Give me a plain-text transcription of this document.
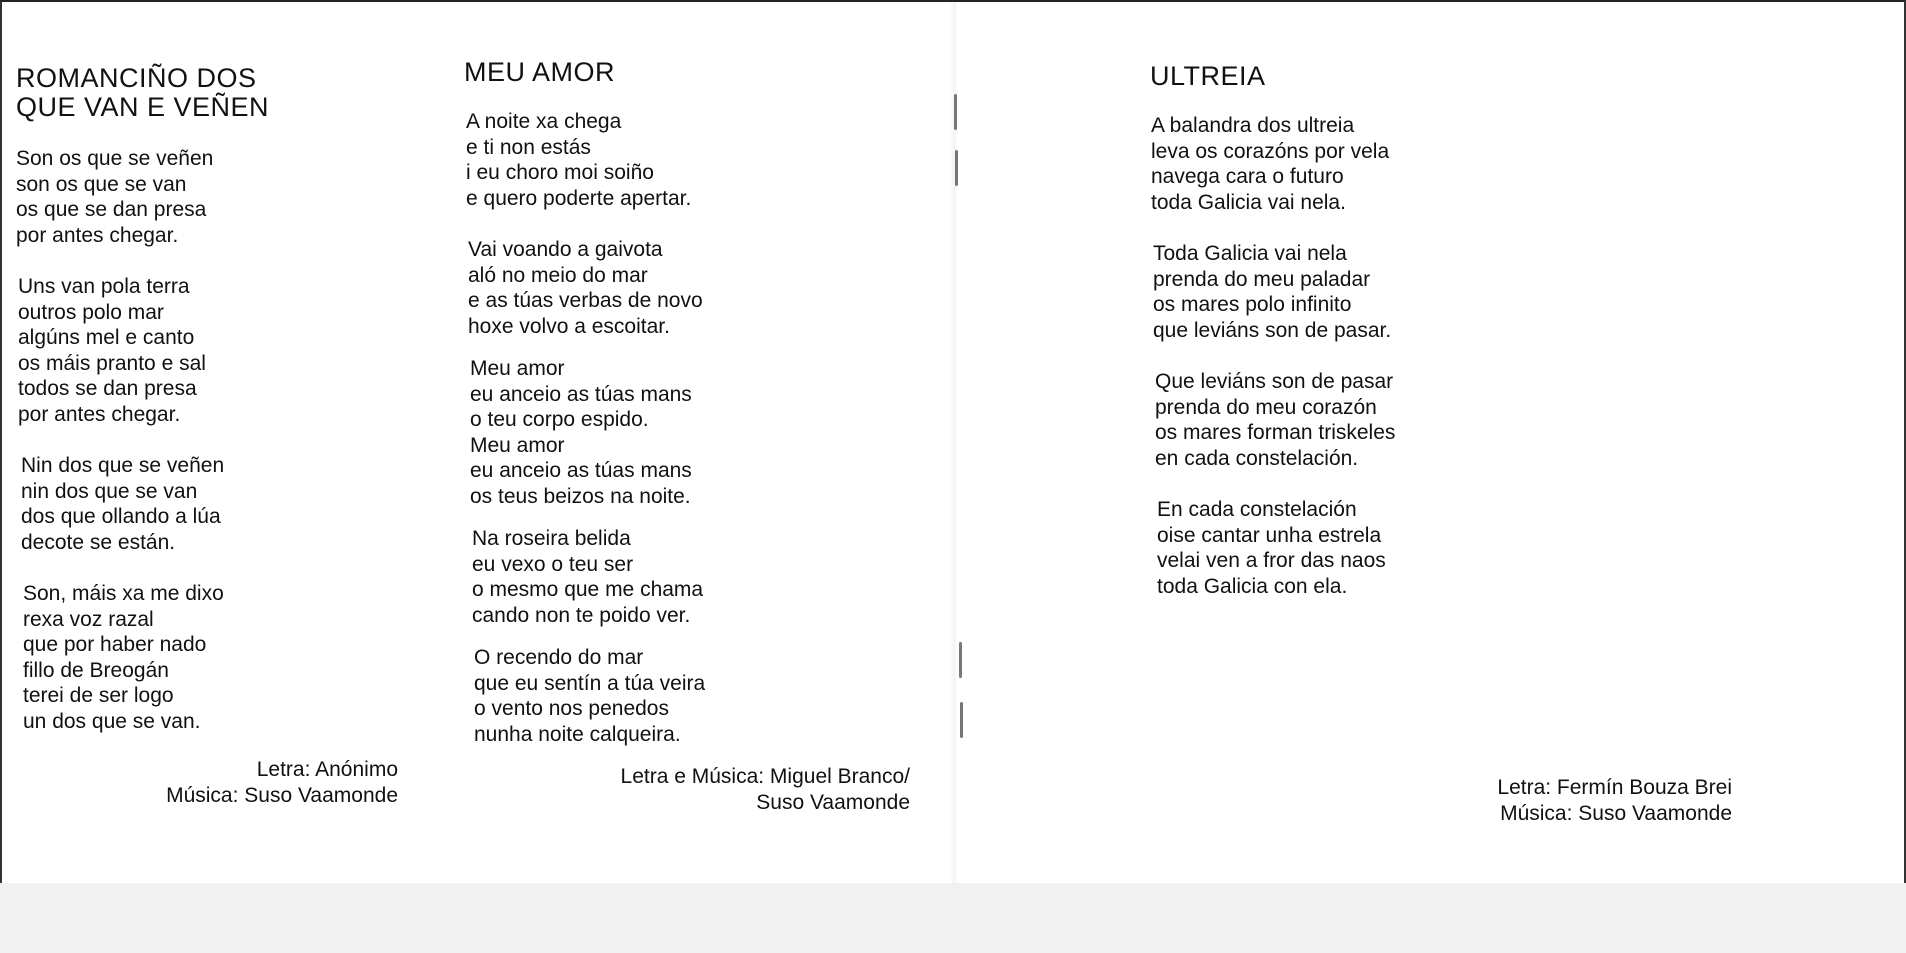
ROMANCIÑO DOS
QUE VAN E VEÑEN
Son os que se veñen
son os que se van
os que se dan presa
por antes chegar.
Uns van pola terra
outros polo mar
algúns mel e canto
os máis pranto e sal
todos se dan presa
por antes chegar.
Nin dos que se veñen
nin dos que se van
dos que ollando a lúa
decote se están.
Son, máis xa me dixo
rexa voz razal
que por haber nado
fillo de Breogán
terei de ser logo
un dos que se van.
Letra: Anónimo
Música: Suso Vaamonde
MEU AMOR
A noite xa chega
e ti non estás
i eu choro moi soiño
e quero poderte apertar.
Vai voando a gaivota
aló no meio do mar
e as túas verbas de novo
hoxe volvo a escoitar.
Meu amor
eu anceio as túas mans
o teu corpo espido.
Meu amor
eu anceio as túas mans
os teus beizos na noite.
Na roseira belida
eu vexo o teu ser
o mesmo que me chama
cando non te poido ver.
O recendo do mar
que eu sentín a túa veira
o vento nos penedos
nunha noite calqueira.
Letra e Música: Miguel Branco/
Suso Vaamonde
ULTREIA
A balandra dos ultreia
leva os corazóns por vela
navega cara o futuro
toda Galicia vai nela.
Toda Galicia vai nela
prenda do meu paladar
os mares polo infinito
que leviáns son de pasar.
Que leviáns son de pasar
prenda do meu corazón
os mares forman triskeles
en cada constelación.
En cada constelación
oise cantar unha estrela
velai ven a fror das naos
toda Galicia con ela.
Letra: Fermín Bouza Brei
Música: Suso Vaamonde
